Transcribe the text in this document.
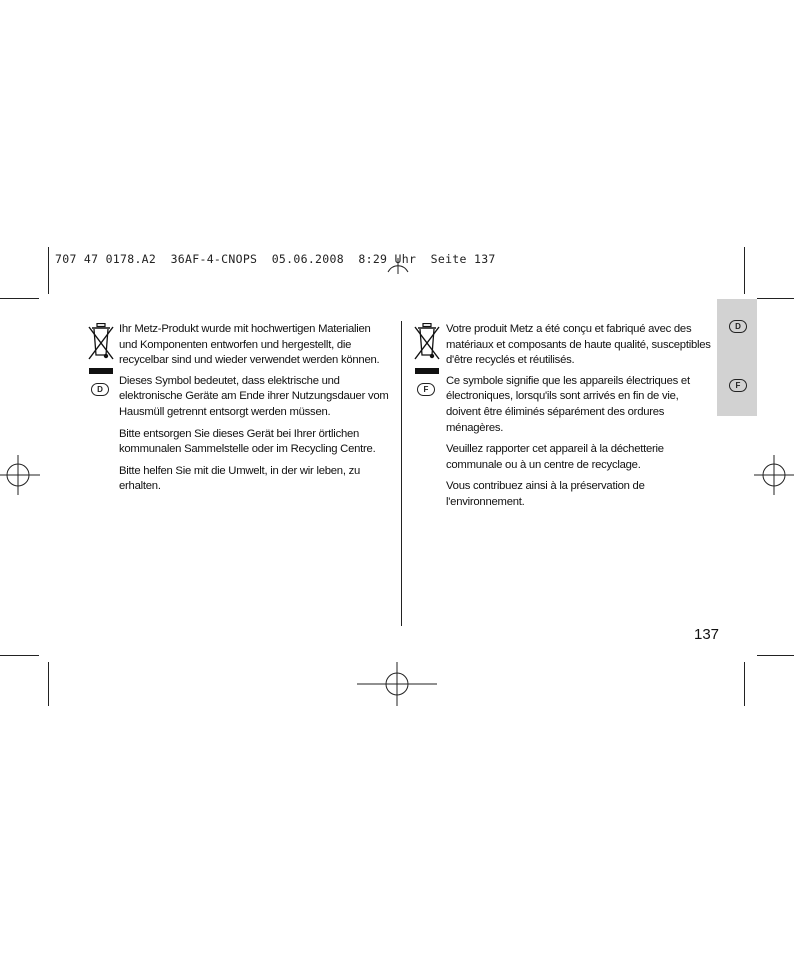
707 47 0178.A2  36AF-4-CNOPS  05.06.2008  8:29 Uhr  Seite 137
D

Ihr Metz-Produkt wurde mit hochwertigen Materialien und Komponenten entworfen und hergestellt, die recycelbar sind und wieder verwendet werden können.

Dieses Symbol bedeutet, dass elektrische und elektronische Geräte am Ende ihrer Nutzungsdauer vom Hausmüll getrennt entsorgt werden müssen.

Bitte entsorgen Sie dieses Gerät bei Ihrer örtlichen kommunalen Sammelstelle oder im Recycling Centre.

Bitte helfen Sie mit die Umwelt, in der wir leben, zu erhalten.

F

Votre produit Metz a été conçu et fabriqué avec des matériaux et composants de haute qualité, susceptibles d'être recyclés et réutilisés.

Ce symbole signifie que les appareils électriques et électroniques, lorsqu'ils sont arrivés en fin de vie, doivent être éliminés séparément des ordures ménagères.

Veuillez rapporter cet appareil à la déchetterie communale ou à un centre de recyclage.

Vous contribuez ainsi à la préservation de l'environnement.

D
F
137
